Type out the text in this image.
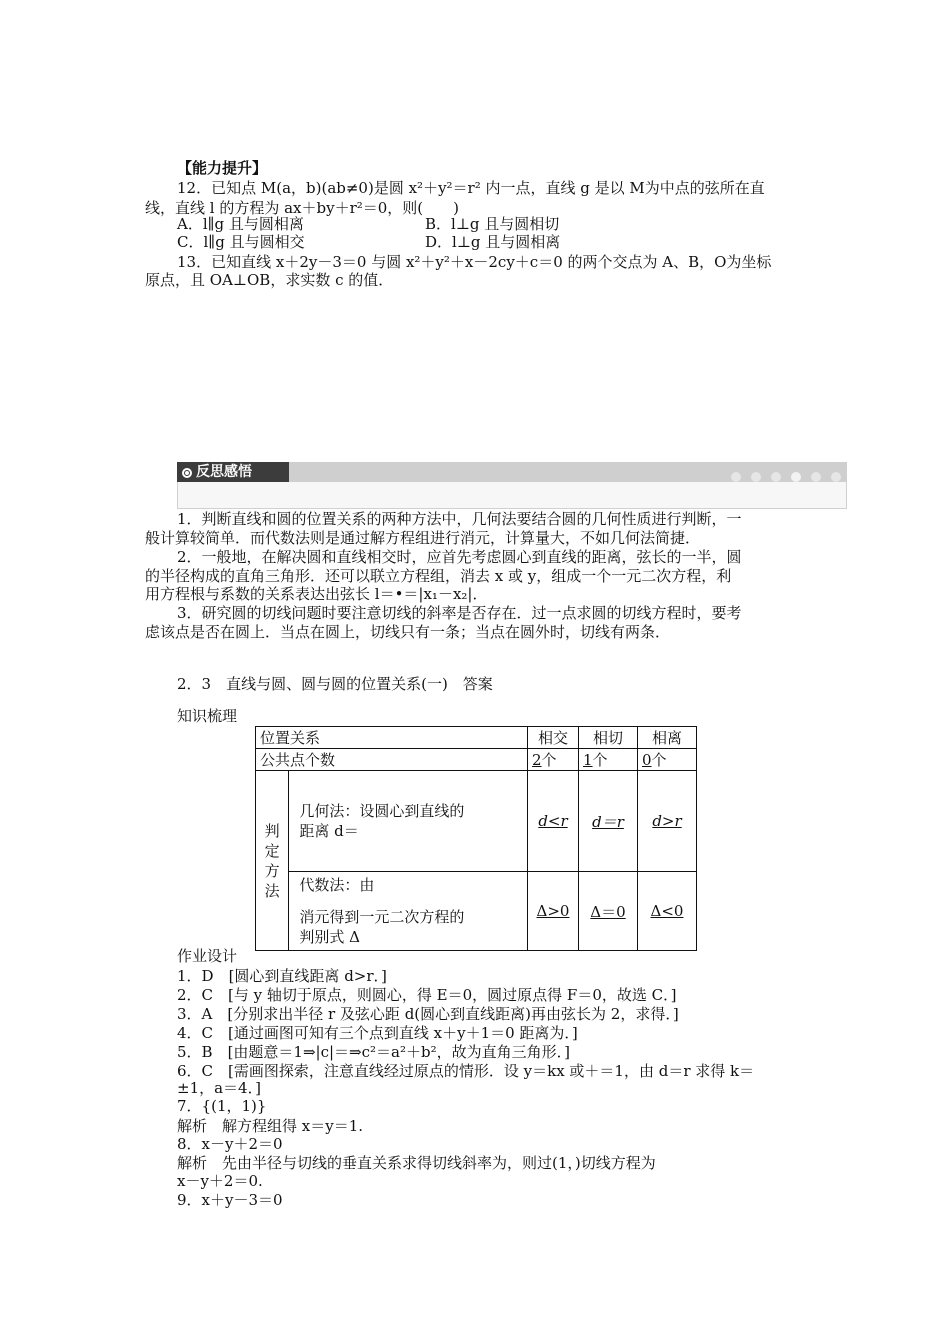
【能力提升】
12．已知点 M(a，b)(ab≠0)是圆 x²＋y²＝r² 内一点，直线 g 是以 M为中点的弦所在直
线，直线 l 的方程为 ax＋by＋r²＝0，则(　　)
A．l∥g 且与圆相离	B．l⊥g 且与圆相切
C．l∥g 且与圆相交	D．l⊥g 且与圆相离
13．已知直线 x＋2y－3＝0 与圆 x²＋y²＋x－2cy＋c＝0 的两个交点为 A、B，O为坐标
原点，且 OA⊥OB，求实数 c 的值．
反思感悟
1．判断直线和圆的位置关系的两种方法中，几何法要结合圆的几何性质进行判断，一
般计算较简单．而代数法则是通过解方程组进行消元，计算量大，不如几何法简捷．
2．一般地，在解决圆和直线相交时，应首先考虑圆心到直线的距离，弦长的一半，圆
的半径构成的直角三角形．还可以联立方程组，消去 x 或 y，组成一个一元二次方程，利
用方程根与系数的关系表达出弦长 l＝•＝|x₁－x₂|．
3．研究圆的切线问题时要注意切线的斜率是否存在．过一点求圆的切线方程时，要考
虑该点是否在圆上．当点在圆上，切线只有一条；当点在圆外时，切线有两条．
2．3　直线与圆、圆与圆的位置关系(一)　答案
知识梳理
位置关系		相交	相切	相离
公共点个数		2个	1个	0个

判定方法	几何法：设圆心到直线的
距离 d＝	d<r	d＝r	d>r

	代数法：由
消元得到一元二次方程的
判别式 Δ	Δ>0	Δ＝0	Δ<0
作业设计
1．D　[圆心到直线距离 d>r．]
2．C　[与 y 轴切于原点，则圆心，得 E＝0，圆过原点得 F＝0，故选 C．]
3．A　[分别求出半径 r 及弦心距 d(圆心到直线距离)再由弦长为 2，求得．]
4．C　[通过画图可知有三个点到直线 x＋y＋1＝0 距离为．]
5．B　[由题意＝1⇒|c|＝⇒c²＝a²＋b²，故为直角三角形．]
6．C　[需画图探索，注意直线经过原点的情形．设 y＝kx 或＋＝1，由 d＝r 求得 k＝
±1，a＝4．]
7．{(1，1)}
解析　解方程组得 x＝y＝1.
8．x－y＋2＝0
解析　先由半径与切线的垂直关系求得切线斜率为，则过(1，)切线方程为
x－y＋2＝0.
9．x＋y－3＝0
